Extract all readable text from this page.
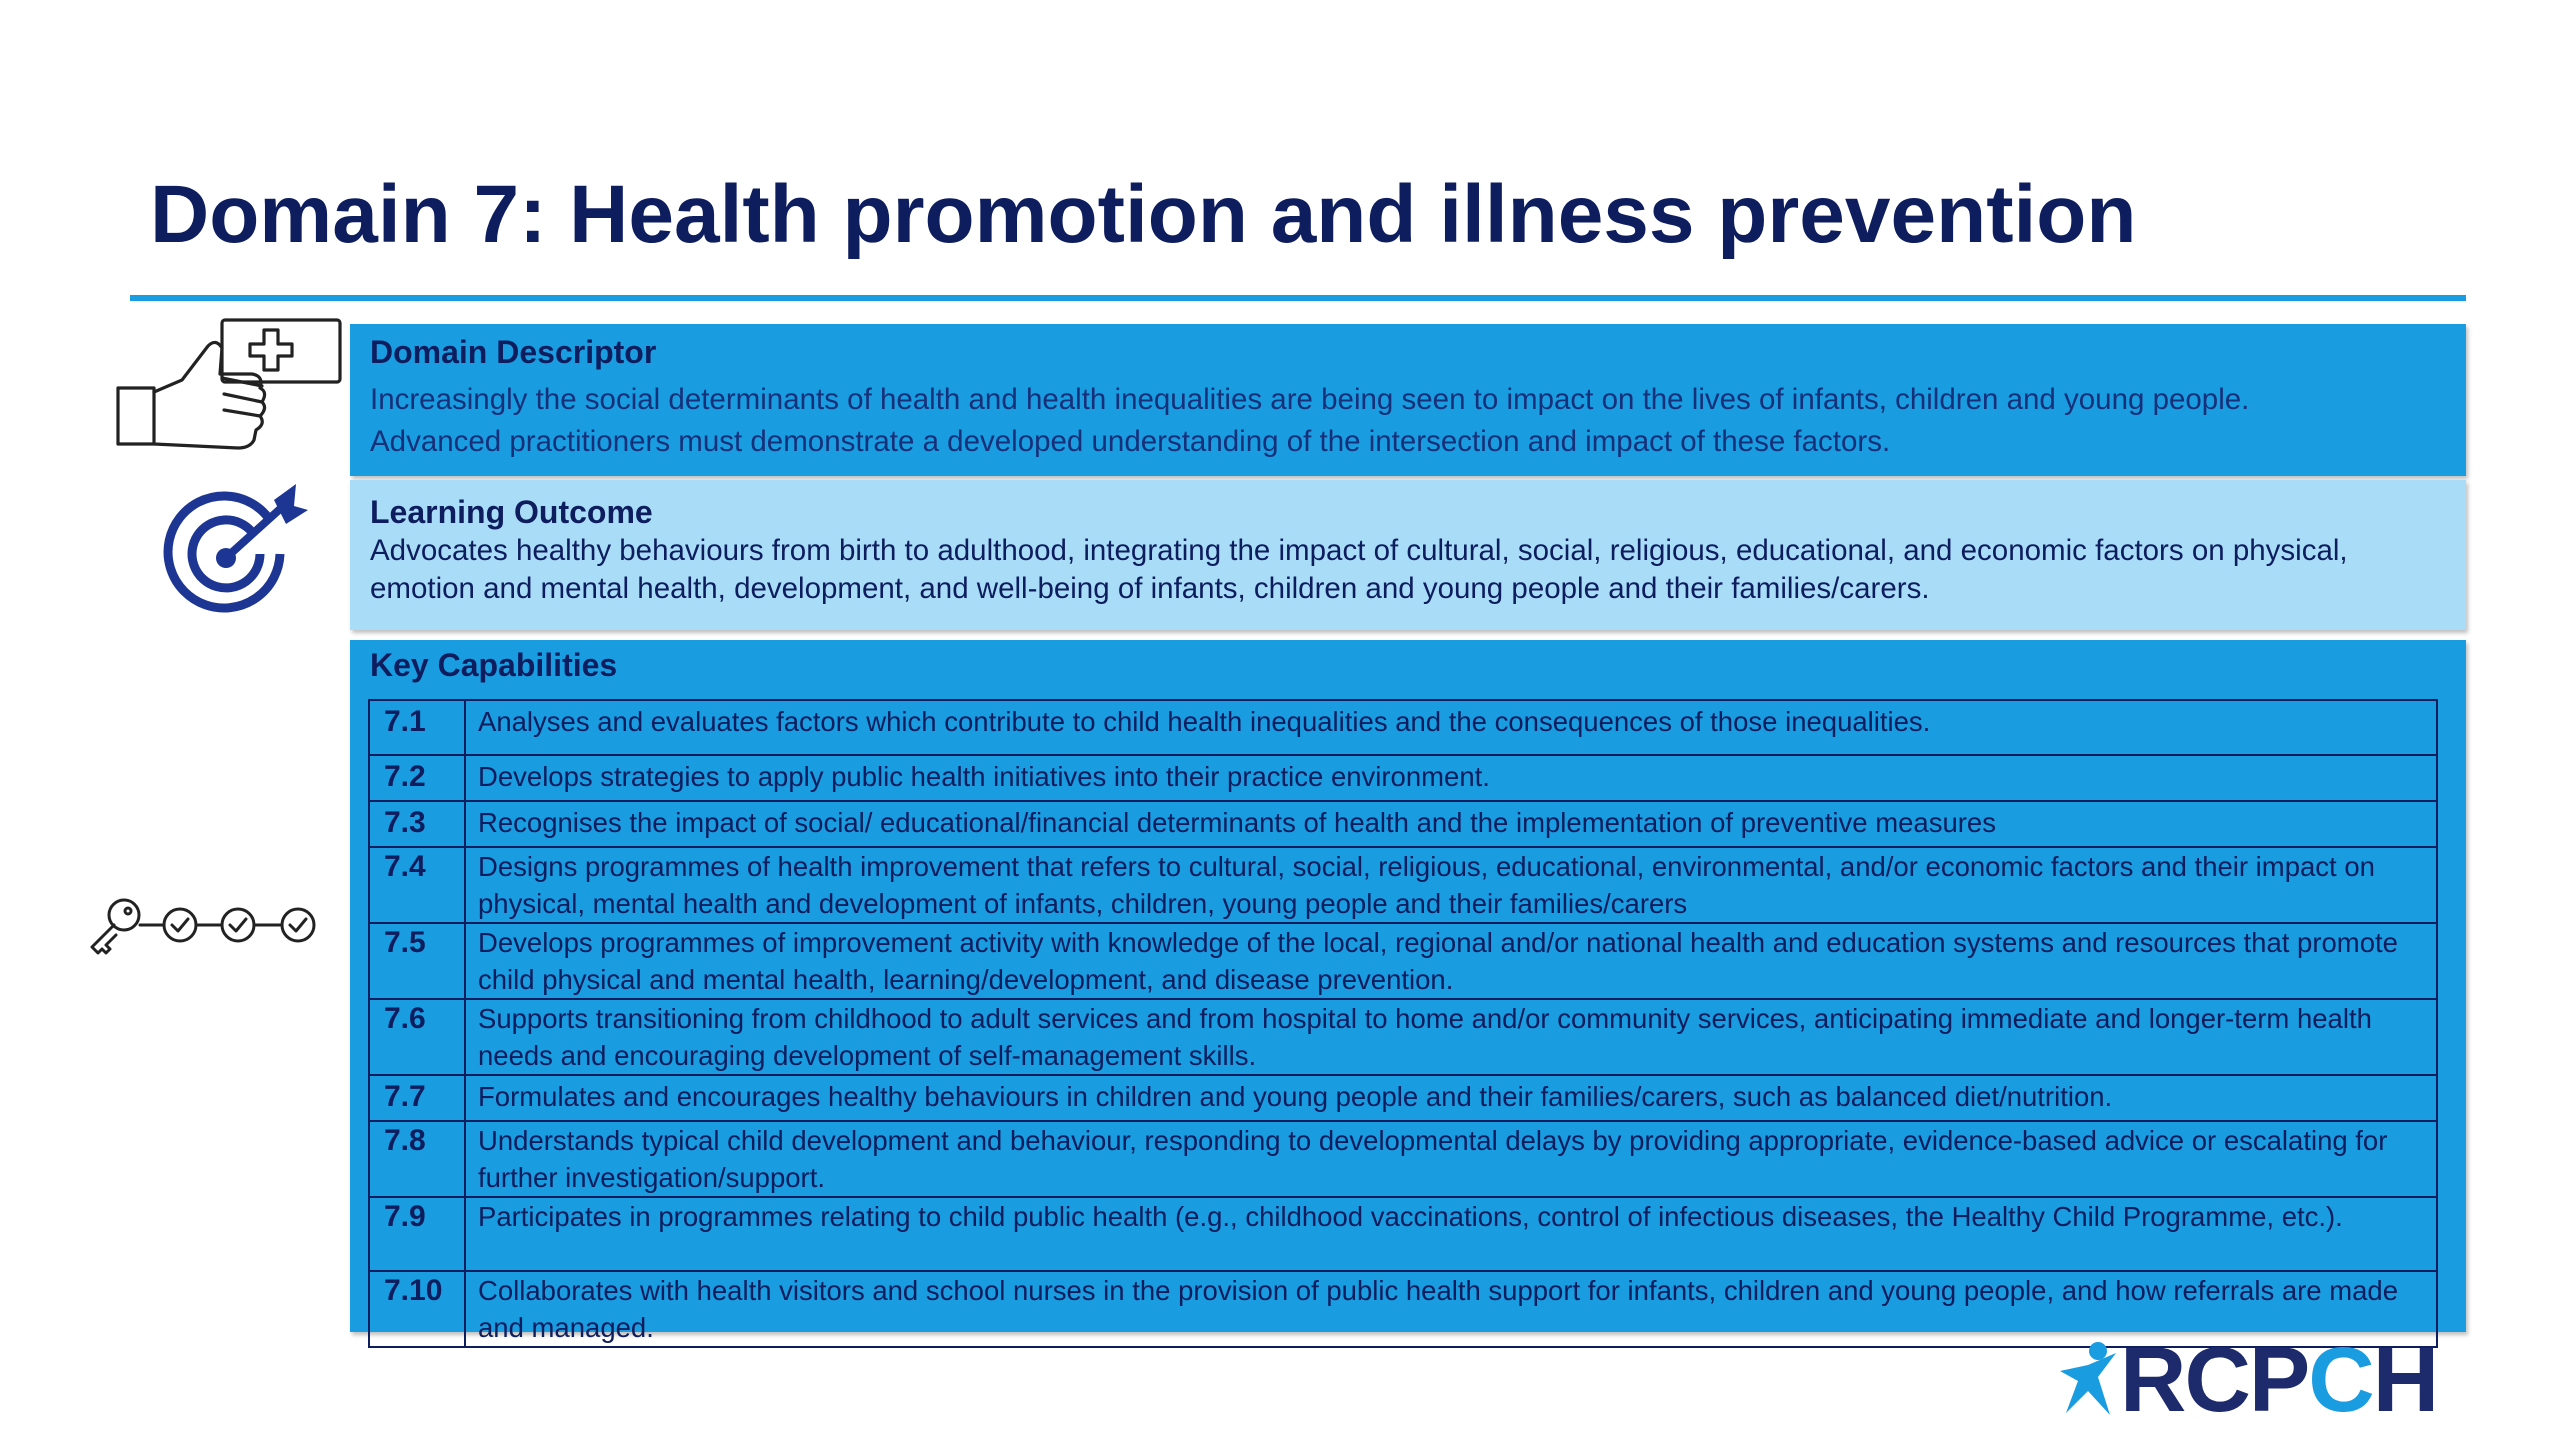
Domain 7: Health promotion and illness prevention
Domain Descriptor

Increasingly the social determinants of health and health inequalities are being seen to impact on the lives of infants, children and young people.
Advanced practitioners must demonstrate a developed understanding of the intersection and impact of these factors.

Learning Outcome

Advocates healthy behaviours from birth to adulthood, integrating the impact of cultural, social, religious, educational, and economic factors on physical, emotion and mental health, development, and well-being of infants, children and young people and their families/carers.

Key Capabilities
7.1	Analyses and evaluates factors which contribute to child health inequalities and the consequences of those inequalities.
7.2	Develops strategies to apply public health initiatives into their practice environment.
7.3	Recognises the impact of social/ educational/financial determinants of health and the implementation of preventive measures
7.4	Designs programmes of health improvement that refers to cultural, social, religious, educational, environmental, and/or economic factors and their impact on physical, mental health and development of infants, children, young people and their families/carers
7.5	Develops programmes of improvement activity with knowledge of the local, regional and/or national health and education systems and resources that promote child physical and mental health, learning/development, and disease prevention.
7.6	Supports transitioning from childhood to adult services and from hospital to home and/or community services, anticipating immediate and longer-term health needs and encouraging development of self-management skills.
7.7	Formulates and encourages healthy behaviours in children and young people and their families/carers, such as balanced diet/nutrition.
7.8	Understands typical child development and behaviour, responding to developmental delays by providing appropriate, evidence-based advice or escalating for further investigation/support.
7.9	Participates in programmes relating to child public health (e.g., childhood vaccinations, control of infectious diseases, the Healthy Child Programme, etc.).
7.10	Collaborates with health visitors and school nurses in the provision of public health support for infants, children and young people, and how referrals are made and managed.
RCPCH
